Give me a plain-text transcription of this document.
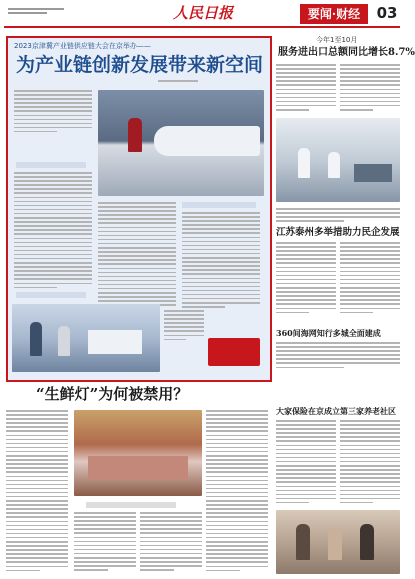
人民日报	要闻·财经	03
2023京津冀产业链供应链大会在京举办——
为产业链创新发展带来新空间
今年1至10月
服务进出口总额同比增长8.7%
江苏泰州多举措助力民企发展
360间海网知行多城全面建成
“生鲜灯”为何被禁用？
大家保险在京成立第三家养老社区
